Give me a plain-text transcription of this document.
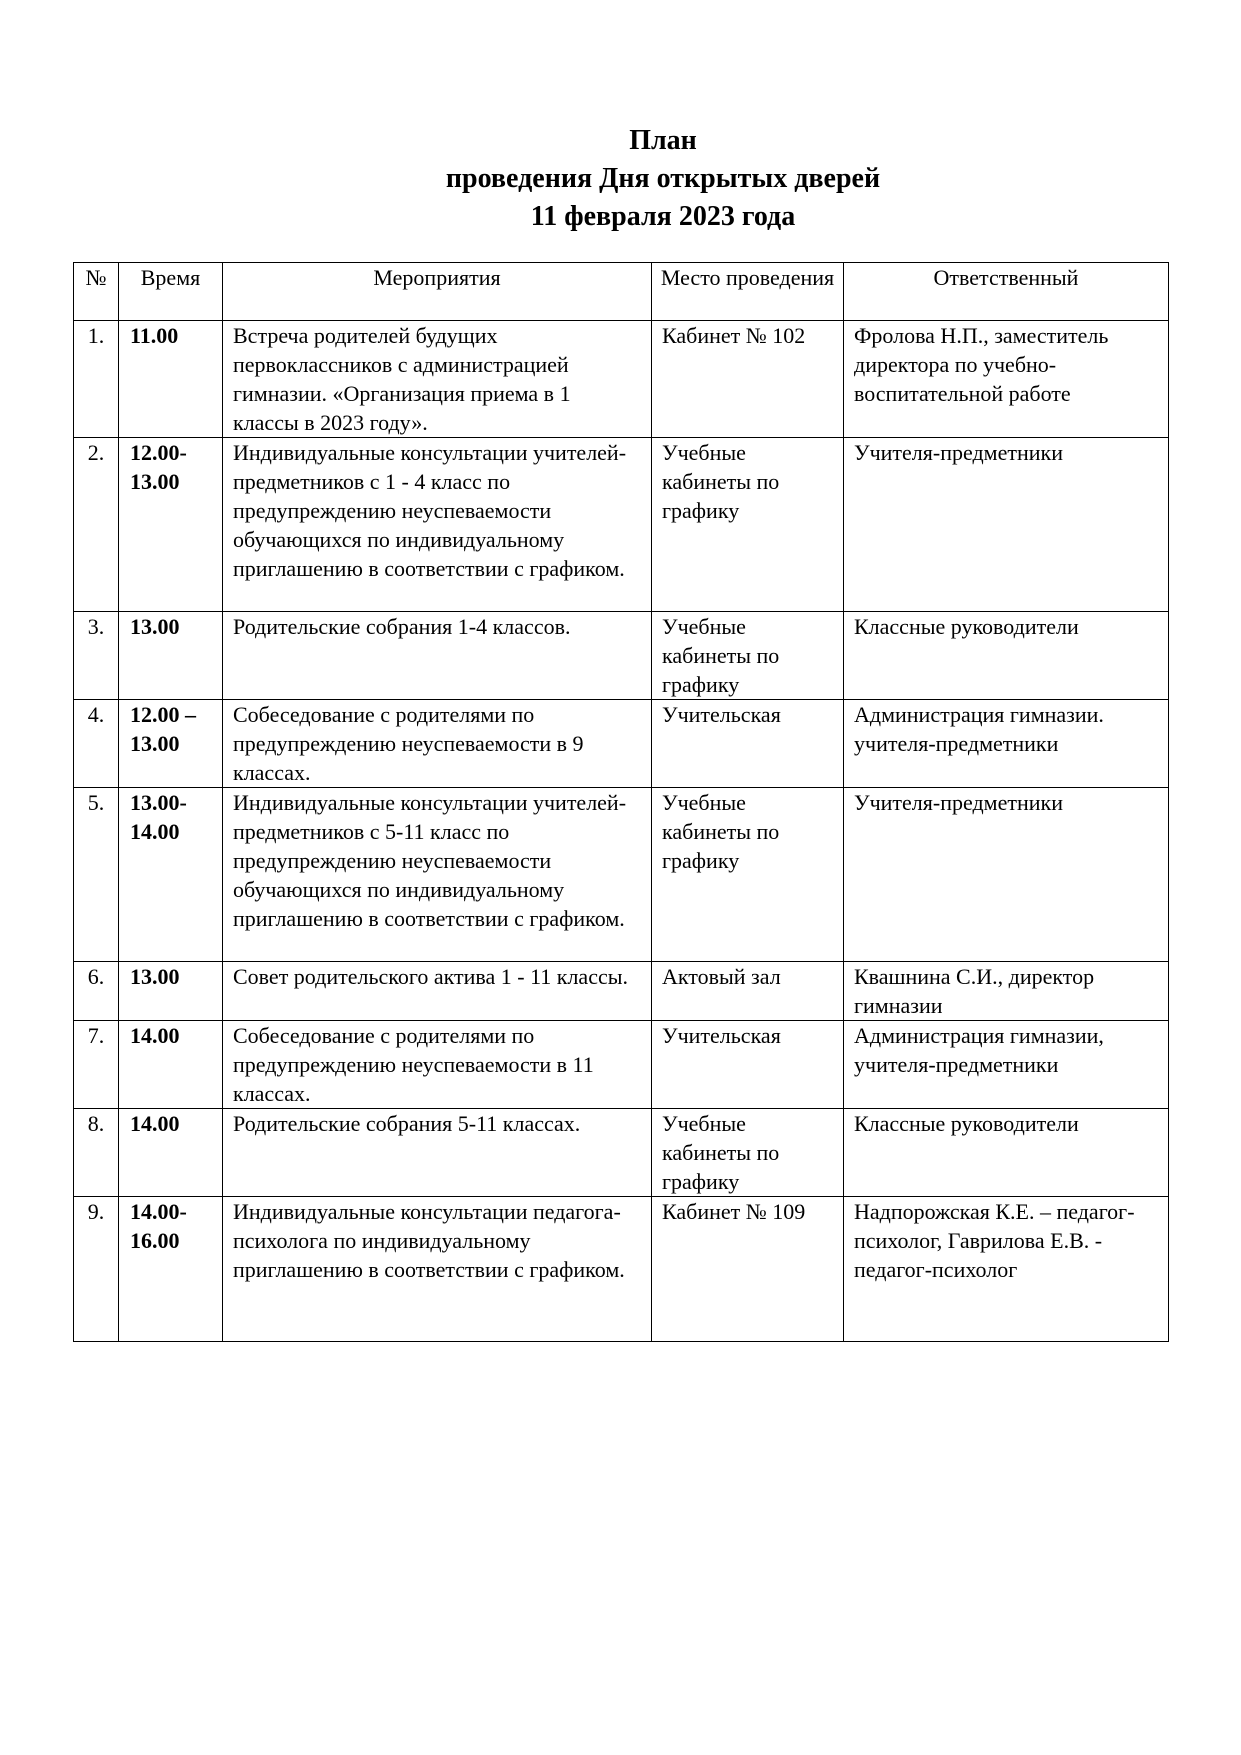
План
проведения Дня открытых дверей
11 февраля 2023 года
№	Время	Мероприятия	Место проведения	Ответственный
1.	11.00	Встреча родителей будущих первоклассников с администрацией гимназии. «Организация приема в 1 классы в 2023 году».	Кабинет № 102	Фролова Н.П., заместитель директора по учебно-воспитательной работе
2.	12.00-13.00	Индивидуальные консультации учителей-предметников с 1 - 4 класс по предупреждению неуспеваемости обучающихся по индивидуальному приглашению в соответствии с графиком.	Учебные кабинеты по графику	Учителя-предметники
3.	13.00	Родительские собрания 1-4 классов.	Учебные кабинеты по графику	Классные руководители
4.	12.00 – 13.00	Собеседование с родителями по предупреждению неуспеваемости в 9 классах.	Учительская	Администрация гимназии. учителя-предметники
5.	13.00-14.00	Индивидуальные консультации учителей-предметников с 5-11 класс по предупреждению неуспеваемости обучающихся по индивидуальному приглашению в соответствии с графиком.	Учебные кабинеты по графику	Учителя-предметники
6.	13.00	Совет родительского актива 1 - 11 классы.	Актовый зал	Квашнина С.И., директор гимназии
7.	14.00	Собеседование с родителями по предупреждению неуспеваемости в 11 классах.	Учительская	Администрация гимназии, учителя-предметники
8.	14.00	Родительские собрания 5-11 классах.	Учебные кабинеты по графику	Классные руководители
9.	14.00-16.00	Индивидуальные консультации педагога-психолога по индивидуальному приглашению в соответствии с графиком.	Кабинет № 109	Надпорожская К.Е. – педагог-психолог, Гаврилова Е.В. - педагог-психолог
